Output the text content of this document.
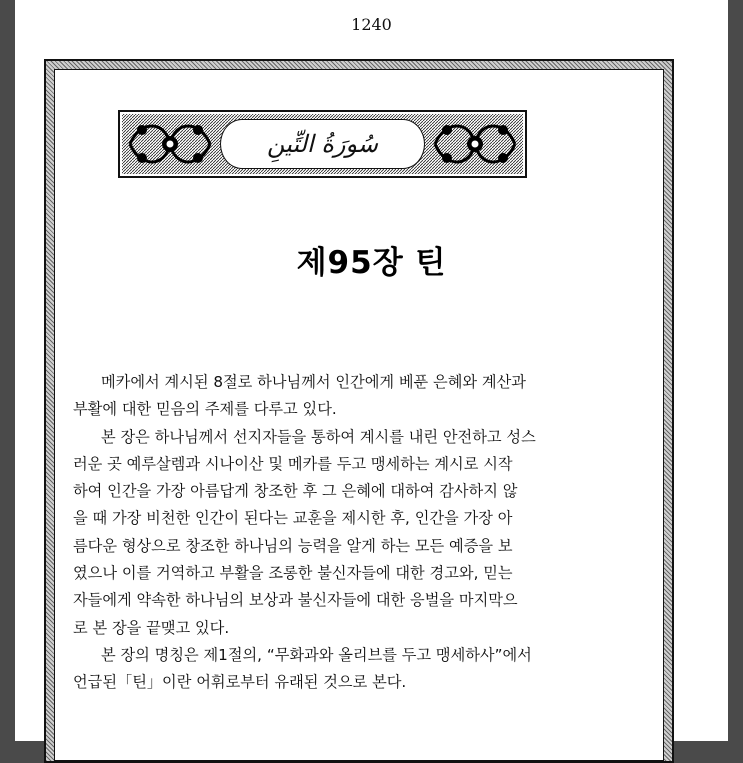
1240
سُورَةُ التِّينِ
제95장 틴

메카에서 계시된 8절로 하나님께서 인간에게 베푼 은혜와 계산과
부활에 대한 믿음의 주제를 다루고 있다.

본 장은 하나님께서 선지자들을 통하여 계시를 내린 안전하고 성스
러운 곳 예루살렘과 시나이산 및 메카를 두고 맹세하는 계시로 시작
하여 인간을 가장 아름답게 창조한 후 그 은혜에 대하여 감사하지 않
을 때 가장 비천한 인간이 된다는 교훈을 제시한 후, 인간을 가장 아
름다운 형상으로 창조한 하나님의 능력을 알게 하는 모든 예증을 보
였으나 이를 거역하고 부활을 조롱한 불신자들에 대한 경고와, 믿는
자들에게 약속한 하나님의 보상과 불신자들에 대한 응벌을 마지막으
로 본 장을 끝맺고 있다.

본 장의 명칭은 제1절의, “무화과와 올리브를 두고 맹세하사”에서
언급된「틴」이란 어휘로부터 유래된 것으로 본다.
